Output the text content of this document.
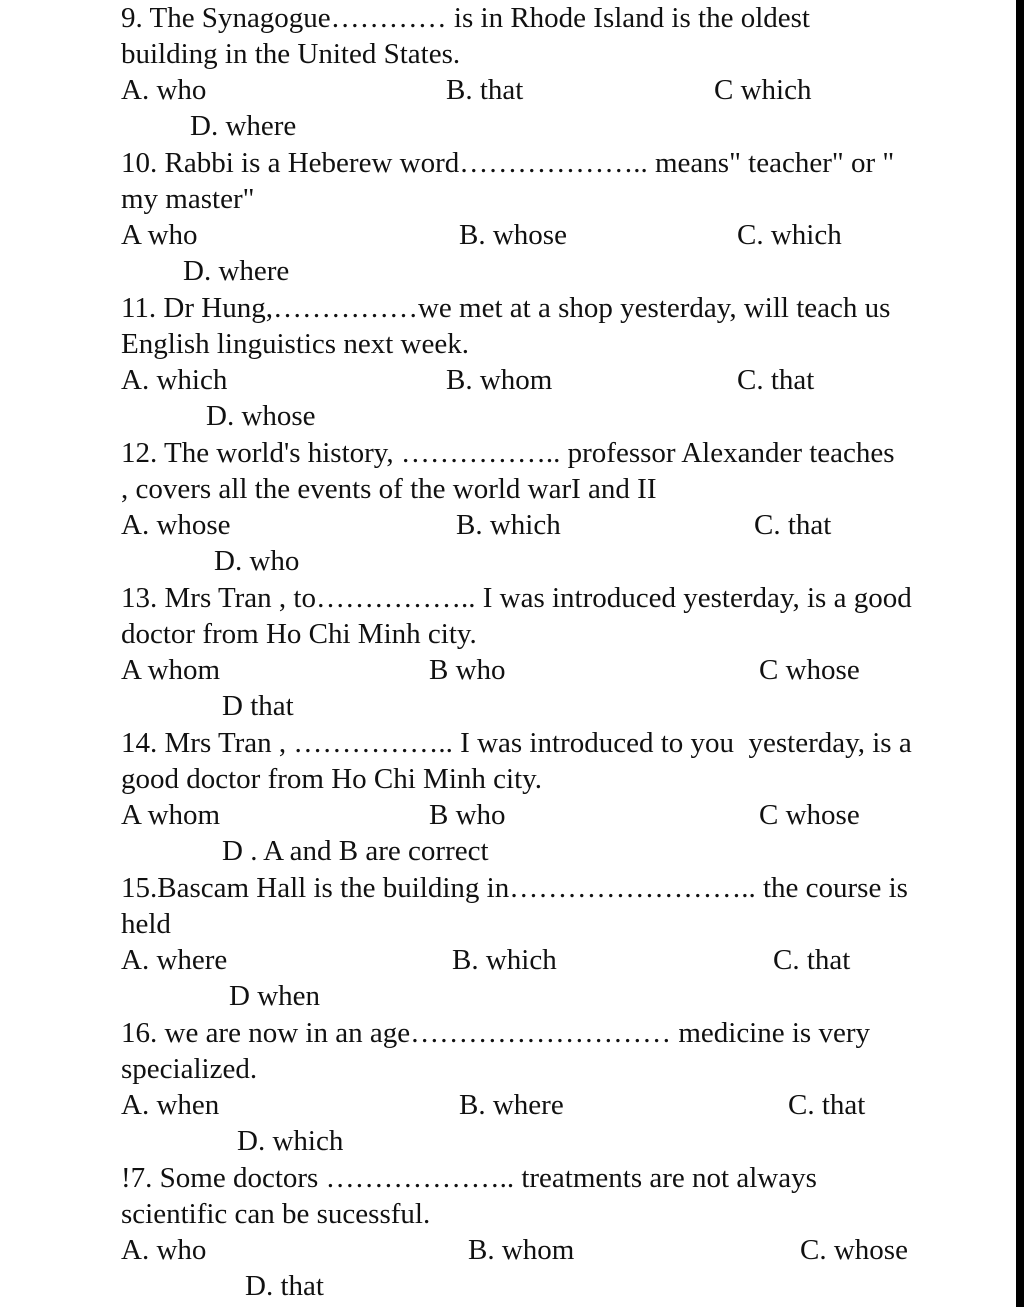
9. The Synagogue………… is in Rhode Island is the oldest
building in the United States.
A. who	B. that	C which
D. where
10. Rabbi is a Heberew word……………….. means" teacher" or "
my master"
A who	B. whose	C. which
D. where
11. Dr Hung,……………we met at a shop yesterday, will teach us
English linguistics next week.
A. which	B. whom	C. that
D. whose
12. The world's history, …………….. professor Alexander teaches
, covers all the events of the world warI and II
A. whose	B. which	C. that
D. who
13. Mrs Tran , to…………….. I was introduced yesterday, is a good
doctor from Ho Chi Minh city.
A whom	B who	C whose
D that
14. Mrs Tran , …………….. I was introduced to you  yesterday, is a
good doctor from Ho Chi Minh city.
A whom	B who	C whose
D . A and B are correct
15.Bascam Hall is the building in…………………….. the course is
held
A. where	B. which	C. that
D when
16. we are now in an age……………………… medicine is very
specialized.
A. when	B. where	C. that
D. which
!7. Some doctors ……………….. treatments are not always
scientific can be sucessful.
A. who	B. whom	C. whose
D. that
